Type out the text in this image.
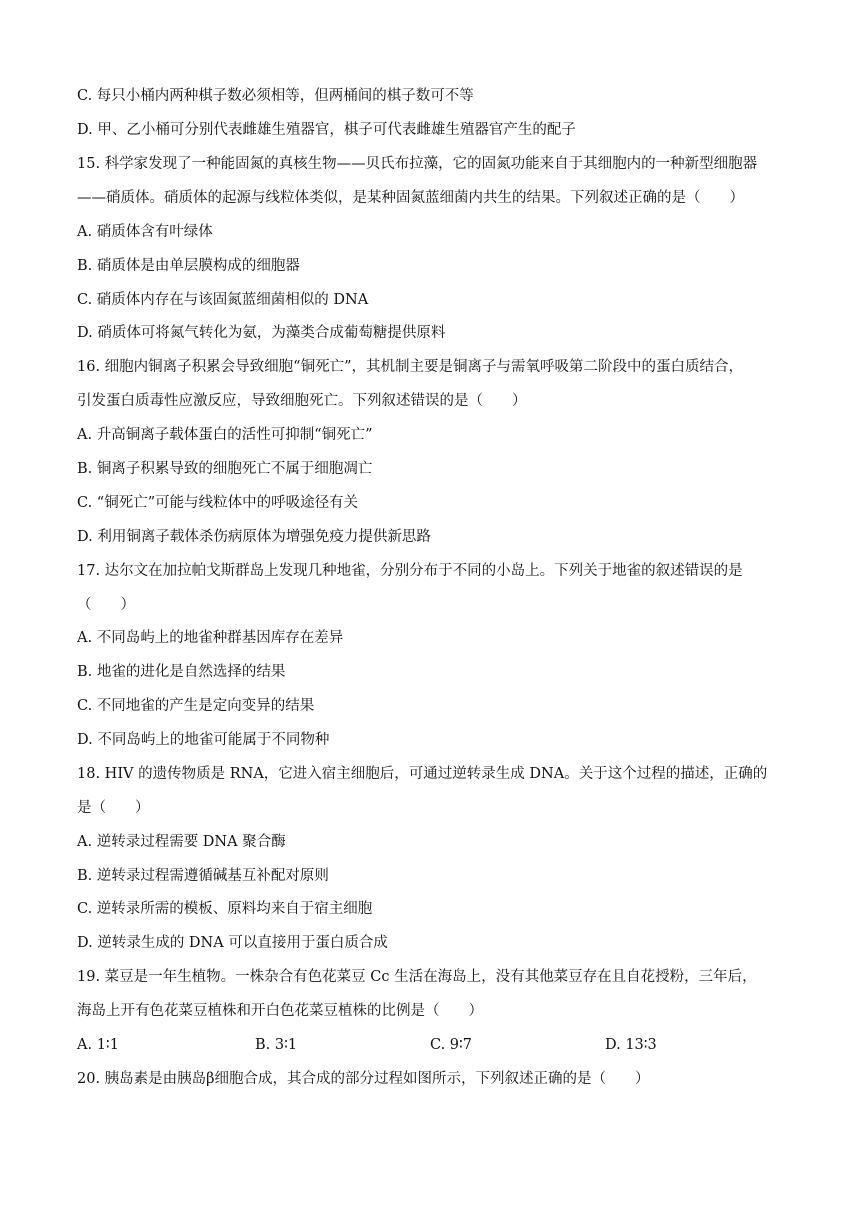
C. 每只小桶内两种棋子数必须相等，但两桶间的棋子数可不等
D. 甲、乙小桶可分别代表雌雄生殖器官，棋子可代表雌雄生殖器官产生的配子
15. 科学家发现了一种能固氮的真核生物——贝氏布拉藻，它的固氮功能来自于其细胞内的一种新型细胞器
——硝质体。硝质体的起源与线粒体类似，是某种固氮蓝细菌内共生的结果。下列叙述正确的是（　　）
A. 硝质体含有叶绿体
B. 硝质体是由单层膜构成的细胞器
C. 硝质体内存在与该固氮蓝细菌相似的 DNA
D. 硝质体可将氮气转化为氨，为藻类合成葡萄糖提供原料
16. 细胞内铜离子积累会导致细胞“铜死亡”，其机制主要是铜离子与需氧呼吸第二阶段中的蛋白质结合，
引发蛋白质毒性应激反应，导致细胞死亡。下列叙述错误的是（　　）
A. 升高铜离子载体蛋白的活性可抑制“铜死亡”
B. 铜离子积累导致的细胞死亡不属于细胞凋亡
C. “铜死亡”可能与线粒体中的呼吸途径有关
D. 利用铜离子载体杀伤病原体为增强免疫力提供新思路
17. 达尔文在加拉帕戈斯群岛上发现几种地雀，分别分布于不同的小岛上。下列关于地雀的叙述错误的是
（　　）
A. 不同岛屿上的地雀种群基因库存在差异
B. 地雀的进化是自然选择的结果
C. 不同地雀的产生是定向变异的结果
D. 不同岛屿上的地雀可能属于不同物种
18. HIV 的遗传物质是 RNA，它进入宿主细胞后，可通过逆转录生成 DNA。关于这个过程的描述，正确的
是（　　）
A. 逆转录过程需要 DNA 聚合酶
B. 逆转录过程需遵循碱基互补配对原则
C. 逆转录所需的模板、原料均来自于宿主细胞
D. 逆转录生成的 DNA 可以直接用于蛋白质合成
19. 菜豆是一年生植物。一株杂合有色花菜豆 Cc 生活在海岛上，没有其他菜豆存在且自花授粉，三年后，
海岛上开有色花菜豆植株和开白色花菜豆植株的比例是（　　）
A. 1∶1	B. 3∶1	C. 9∶7	D. 13∶3
20. 胰岛素是由胰岛β细胞合成，其合成的部分过程如图所示，下列叙述正确的是（　　）
